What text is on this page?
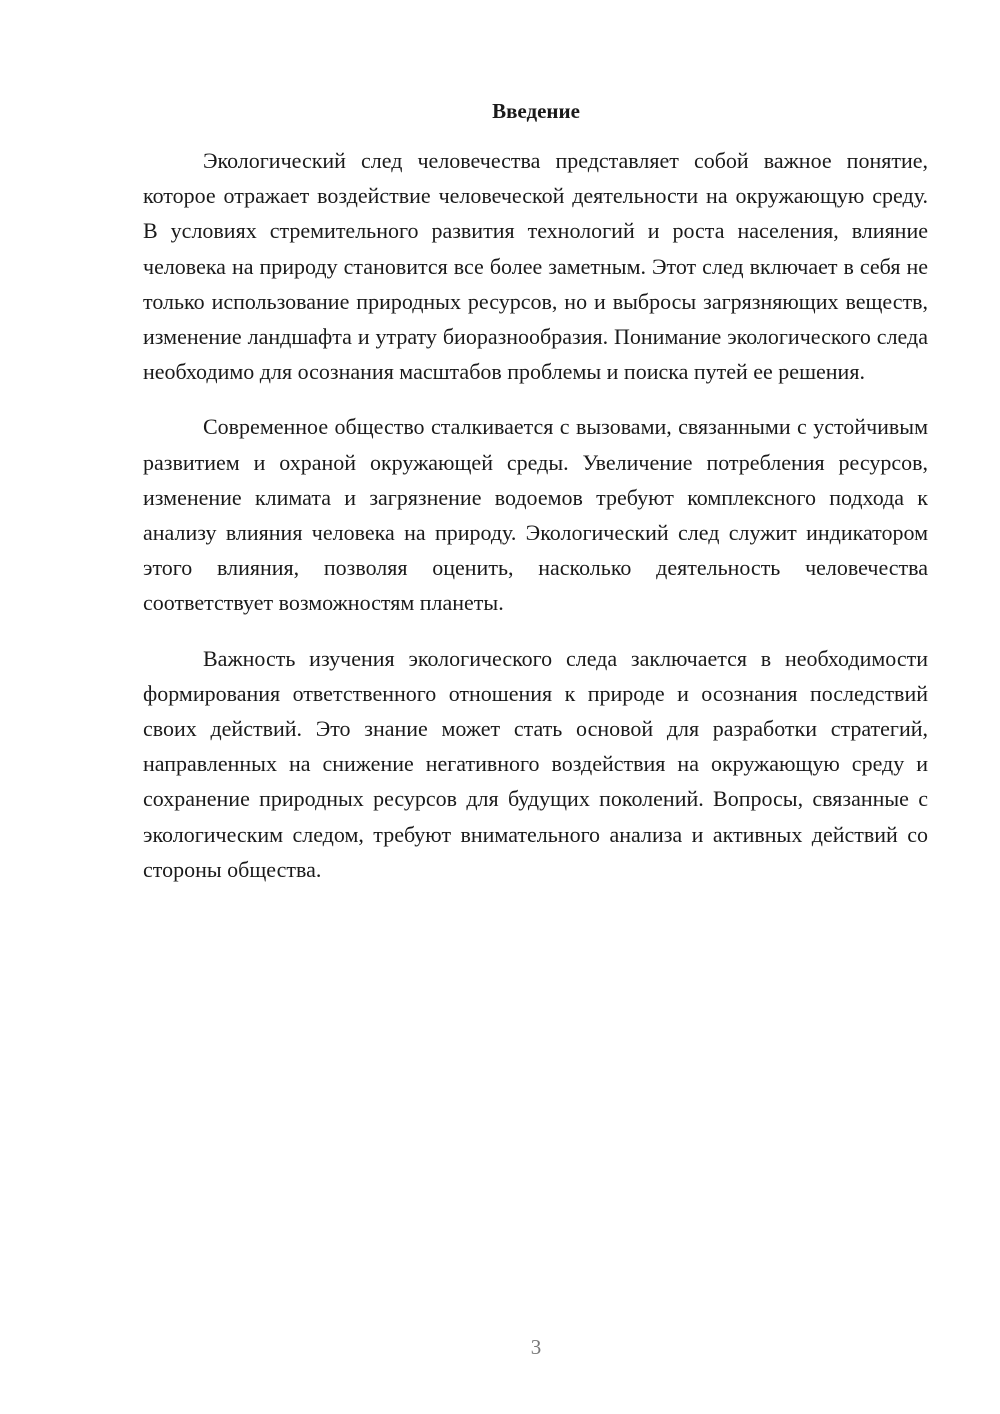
Введение

Экологический след человечества представляет собой важное понятие, которое отражает воздействие человеческой деятельности на окружающую среду. В условиях стремительного развития технологий и роста населения, влияние человека на природу становится все более заметным. Этот след включает в себя не только использование природных ресурсов, но и выбросы загрязняющих веществ, изменение ландшафта и утрату биоразнообразия. Понимание экологического следа необходимо для осознания масштабов проблемы и поиска путей ее решения.

Современное общество сталкивается с вызовами, связанными с устойчивым развитием и охраной окружающей среды. Увеличение потребления ресурсов, изменение климата и загрязнение водоемов требуют комплексного подхода к анализу влияния человека на природу. Экологический след служит индикатором этого влияния, позволяя оценить, насколько деятельность человечества соответствует возможностям планеты.

Важность изучения экологического следа заключается в необходимости формирования ответственного отношения к природе и осознания последствий своих действий. Это знание может стать основой для разработки стратегий, направленных на снижение негативного воздействия на окружающую среду и сохранение природных ресурсов для будущих поколений. Вопросы, связанные с экологическим следом, требуют внимательного анализа и активных действий со стороны общества.

3
